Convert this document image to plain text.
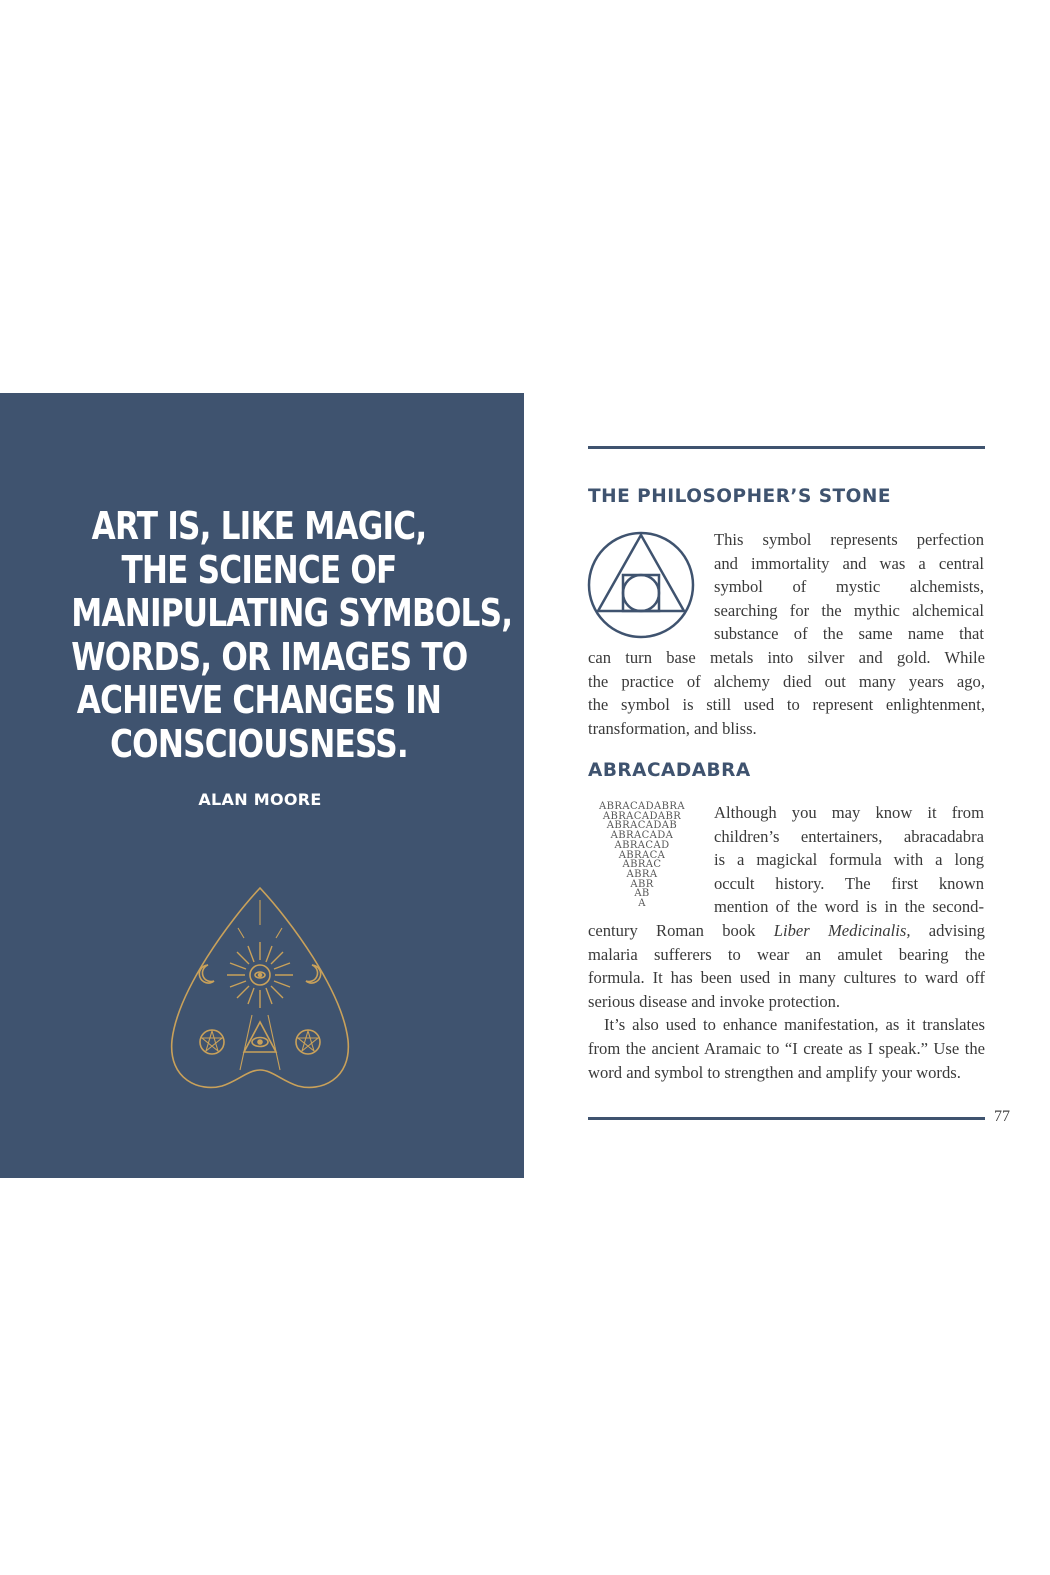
ART IS, LIKE MAGIC,
THE SCIENCE OF
MANIPULATING SYMBOLS,
WORDS, OR IMAGES TO
ACHIEVE CHANGES IN
CONSCIOUSNESS.
ALAN MOORE
THE PHILOSOPHER’S STONE
This symbol represents perfection
and immortality and was a central
symbol of mystic alchemists,
searching for the mythic alchemical
substance of the same name that
can turn base metals into silver and gold. While
the practice of alchemy died out many years ago,
the symbol is still used to represent enlightenment,
transformation, and bliss.
ABRACADABRA
ABRACADABRA
ABRACADABR
ABRACADAB
ABRACADA
ABRACAD
ABRACA
ABRAC
ABRA
ABR
AB
A
Although you may know it from
children’s entertainers, abracadabra
is a magickal formula with a long
occult history. The first known
mention of the word is in the second-
century Roman book Liber Medicinalis, advising
malaria sufferers to wear an amulet bearing the
formula. It has been used in many cultures to ward off
serious disease and invoke protection.
It’s also used to enhance manifestation, as it translates
from the ancient Aramaic to “I create as I speak.” Use the
word and symbol to strengthen and amplify your words.
77
